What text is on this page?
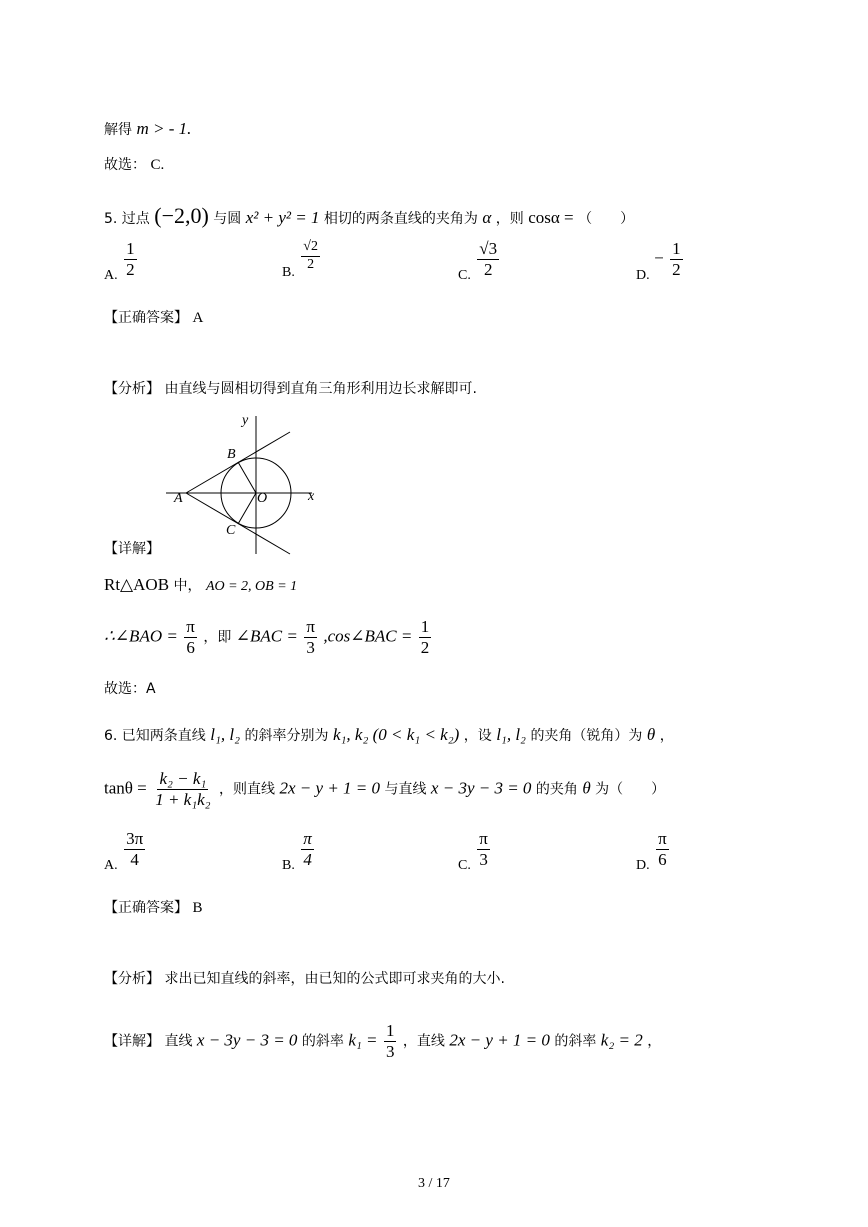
解得 m > - 1.
故选： C.
5. 过点 (−2,0) 与圆 x² + y² = 1 相切的两条直线的夹角为 α ，则 cosα = （　　）
A. $\frac{1}{2}$	B.
$\frac{√2}{2}$
C. $\frac{√3}{2}$	D. − $\frac{1}{2}$
【正确答案】 A
【分析】 由直线与圆相切得到直角三角形利用边长求解即可.
y
x
A
B
O
C
【详解】
Rt△AOB 中， AO = 2, OB = 1
∴∠BAO = $\frac{\pi}{6}$ ，即 ∠BAC = $\frac{\pi}{3}$ ,cos∠BAC = $\frac{1}{2}$
故选：A
6. 已知两条直线 l₁, l₂ 的斜率分别为 k₁, k₂ (0 < k₁ < k₂) ，设 l₁, l₂ 的夹角（锐角）为 θ ，
$\tan\theta = \frac{\text{k₂ − k₁}}{\text{1 + k₁k₂}}$ ，则直线 2x − y + 1 = 0 与直线 x − 3y − 3 = 0 的夹角 θ 为（　　）
A. $\frac{3\pi}{4}$	B. $\frac{\pi}{4}$	C. $\frac{\pi}{3}$	D. $\frac{\pi}{6}$
【正确答案】 B
【分析】 求出已知直线的斜率，由已知的公式即可求夹角的大小.
【详解】 直线 x − 3y − 3 = 0 的斜率 $k_1 = \frac{1}{3}$ ，直线 2x − y + 1 = 0 的斜率 k₂ = 2 ，
3 / 17
